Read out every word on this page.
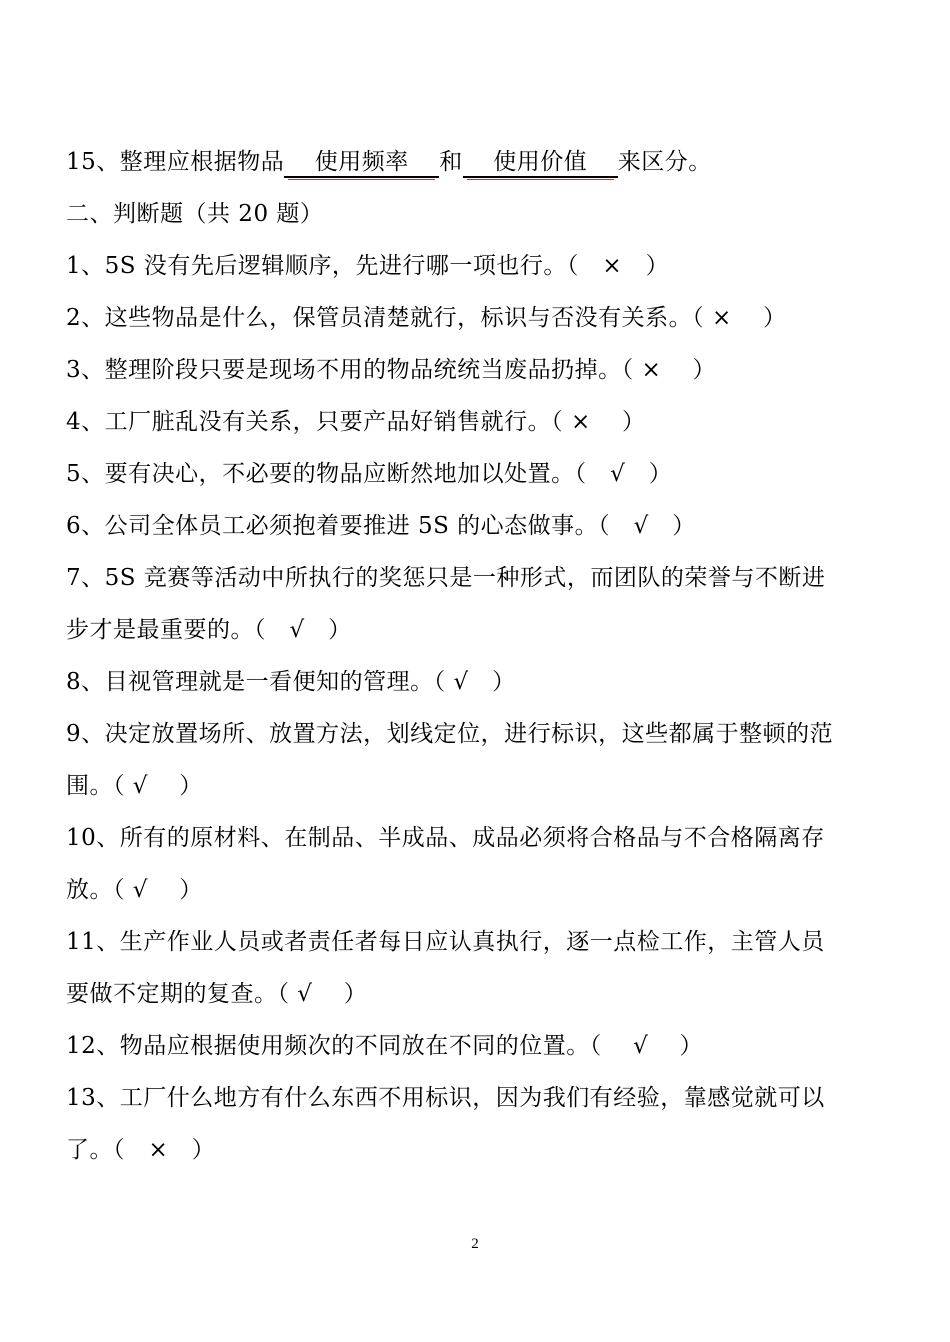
15、整理应根据物品 使用频率 和 使用价值 来区分。
二、判断题（共 20 题）
1、5S 没有先后逻辑顺序，先进行哪一项也行。（　×　）
2、这些物品是什么，保管员清楚就行，标识与否没有关系。（ ×　 ）
3、整理阶段只要是现场不用的物品统统当废品扔掉。（ ×　 ）
4、工厂脏乱没有关系，只要产品好销售就行。（ ×　 ）
5、要有决心，不必要的物品应断然地加以处置。（　√　）
6、公司全体员工必须抱着要推进 5S 的心态做事。（　√　）
7、5S 竞赛等活动中所执行的奖惩只是一种形式，而团队的荣誉与不断进
步才是最重要的。（　√　）
8、目视管理就是一看便知的管理。（ √　）
9、决定放置场所、放置方法，划线定位，进行标识，这些都属于整顿的范
围。（ √　 ）
10、所有的原材料、在制品、半成品、成品必须将合格品与不合格隔离存
放。（ √　 ）
11、生产作业人员或者责任者每日应认真执行，逐一点检工作，主管人员
要做不定期的复查。（ √　 ）
12、物品应根据使用频次的不同放在不同的位置。（　 √　 ）
13、工厂什么地方有什么东西不用标识，因为我们有经验，靠感觉就可以
了。（　×　）
2
